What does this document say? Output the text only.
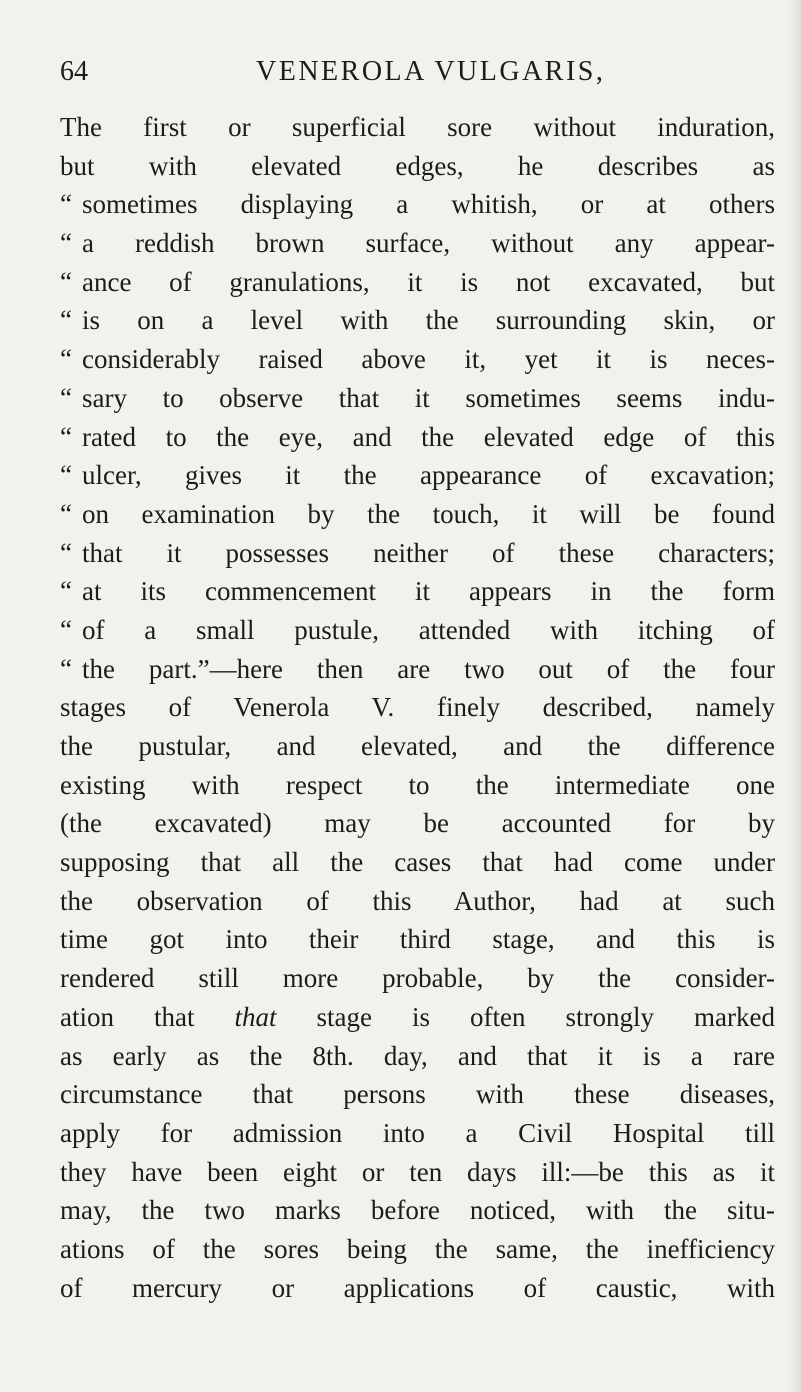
64	VENEROLA VULGARIS,
The first or superficial sore without induration,
but with elevated edges, he describes as
“ sometimes displaying a whitish, or at others
“ a reddish brown surface, without any appear-
“ ance of granulations, it is not excavated, but
“ is on a level with the surrounding skin, or
“ considerably raised above it, yet it is neces-
“ sary to observe that it sometimes seems indu-
“ rated to the eye, and the elevated edge of this
“ ulcer, gives it the appearance of excavation;
“ on examination by the touch, it will be found
“ that it possesses neither of these characters;
“ at its commencement it appears in the form
“ of a small pustule, attended with itching of
“ the part.”—here then are two out of the four
stages of Venerola V. finely described, namely
the pustular, and elevated, and the difference
existing with respect to the intermediate one
(the excavated) may be accounted for by
supposing that all the cases that had come under
the observation of this Author, had at such
time got into their third stage, and this is
rendered still more probable, by the consider-
ation that that stage is often strongly marked
as early as the 8th. day, and that it is a rare
circumstance that persons with these diseases,
apply for admission into a Civil Hospital till
they have been eight or ten days ill:—be this as it
may, the two marks before noticed, with the situ-
ations of the sores being the same, the inefficiency
of mercury or applications of caustic, with
